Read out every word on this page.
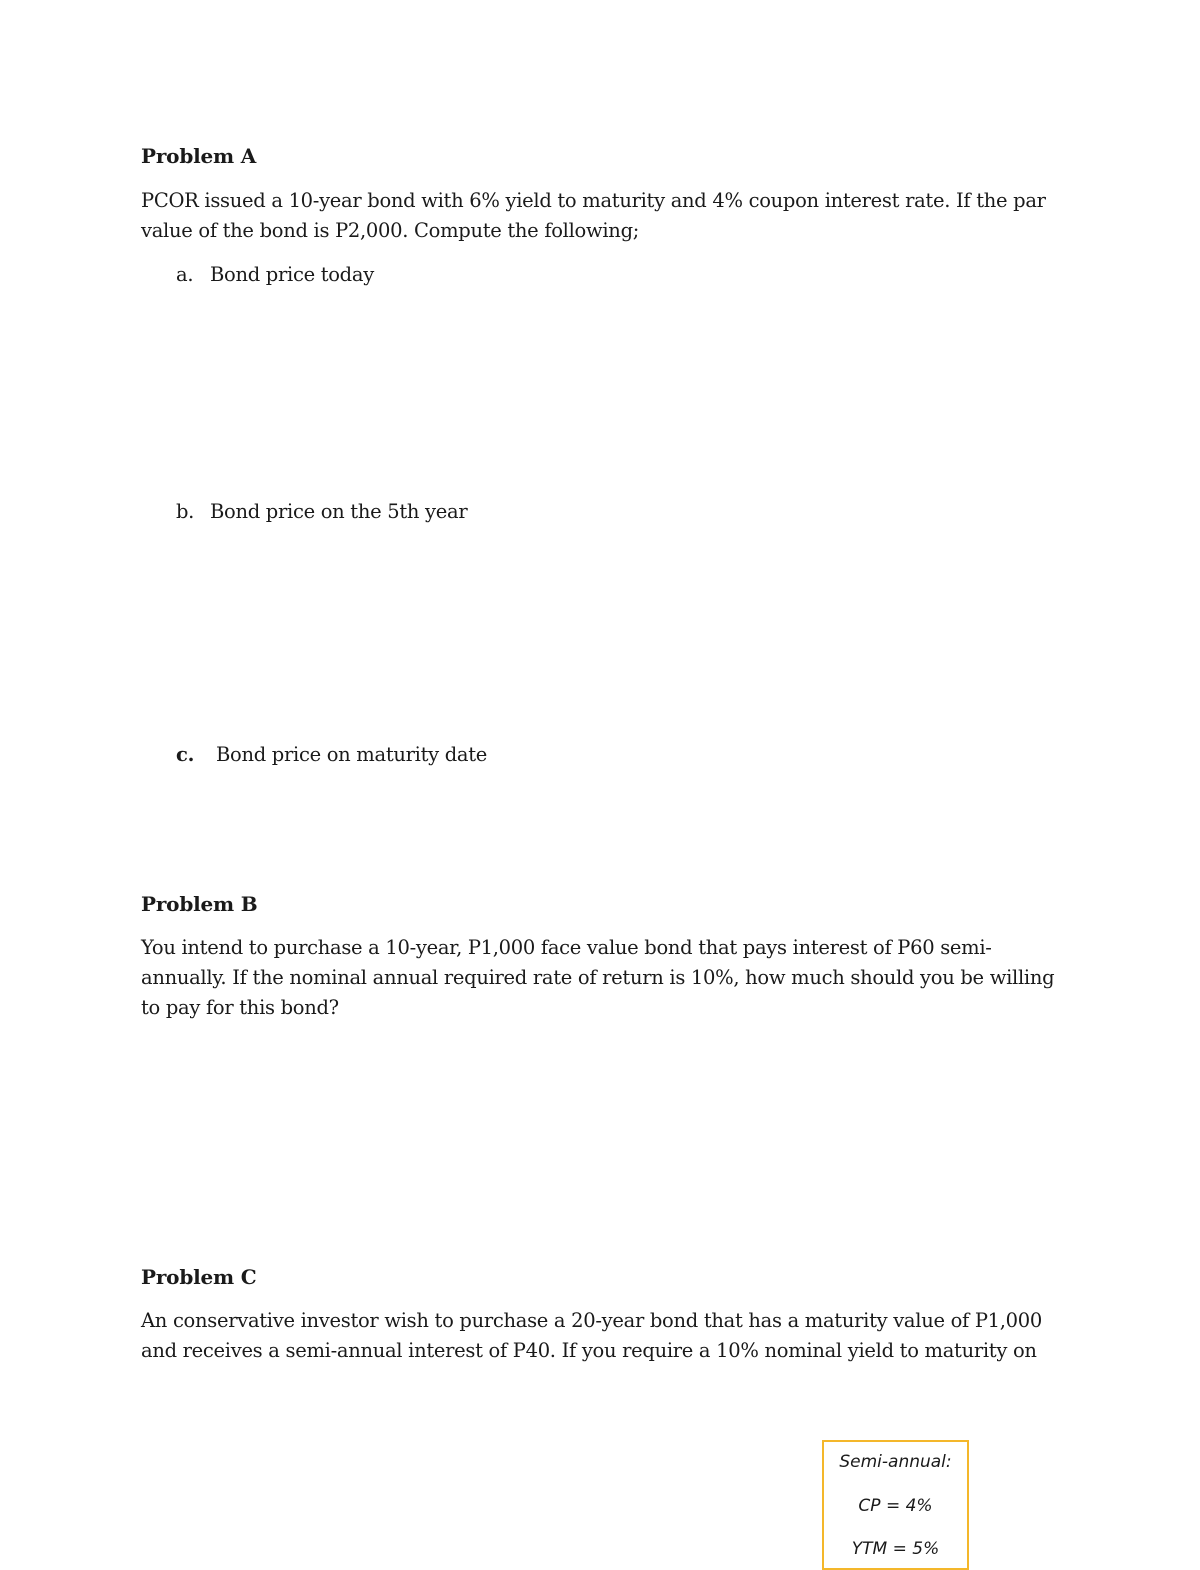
Problem A
PCOR issued a 10-year bond with 6% yield to maturity and 4% coupon interest rate. If the par
value of the bond is P2,000. Compute the following;
a. Bond price today
b. Bond price on the 5th year
c. Bond price on maturity date
Problem B
You intend to purchase a 10-year, P1,000 face value bond that pays interest of P60 semi-
annually. If the nominal annual required rate of return is 10%, how much should you be willing
to pay for this bond?
Problem C
An conservative investor wish to purchase a 20-year bond that has a maturity value of P1,000
and receives a semi-annual interest of P40. If you require a 10% nominal yield to maturity on
Semi-annual:
CP = 4%
YTM = 5%
